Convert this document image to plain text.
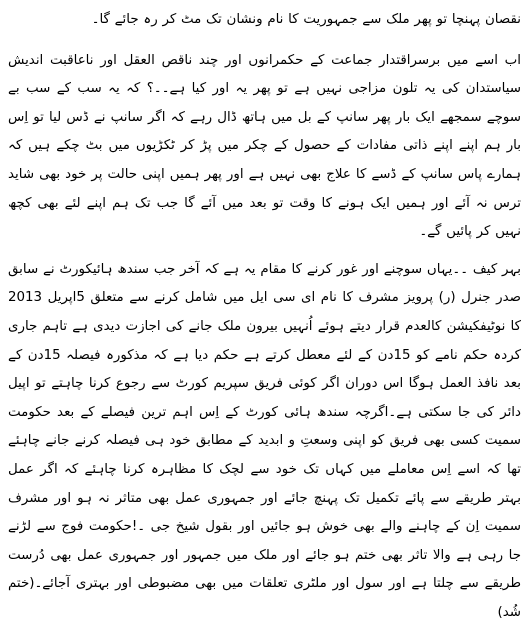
نقصان پہنچا تو پھر ملک سے جمہوریت کا نام ونشان تک مٹ کر رہ جائے گا۔

اب اسے میں برسراقتدار جماعت کے حکمرانوں اور چند ناقص العقل اور ناعاقبت اندیش سیاستدان کی یہ تلون مزاجی نہیں ہے تو پھر یہ اور کیا ہے۔۔؟ کہ یہ سب کے سب بے سوچے سمجھے ایک بار پھر سانپ کے بل میں ہاتھ ڈال رہے کہ اگر سانپ نے ڈس لیا تو اِس بار ہم اپنے اپنے ذاتی مفادات کے حصول کے چکر میں پڑ کر ٹکڑیوں میں بٹ چکے ہیں کہ ہمارے پاس سانپ کے ڈسے کا علاج بھی نہیں ہے اور پھر ہمیں اپنی حالت پر خود بھی شاید ترس نہ آئے اور ہمیں ایک ہونے کا وقت تو بعد میں آئے گا جب تک ہم اپنے لئے بھی کچھ نہیں کر پائیں گے۔

بہر کیف ۔۔یہاں سوچنے اور غور کرنے کا مقام یہ ہے کہ آخر جب سندھ ہائیکورٹ نے سابق صدر جنرل (ر) پرویز مشرف کا نام ای سی ایل میں شامل کرنے سے متعلق 5اپریل 2013 کا نوٹیفکیشن کالعدم قرار دیتے ہوئے اُنہیں بیرون ملک جانے کی اجازت دیدی ہے تاہم جاری کردہ حکم نامے کو 15دن کے لئے معطل کرتے ہے حکم دیا ہے کہ مذکورہ فیصلہ 15دن کے بعد نافذ العمل ہوگا اس دوران اگر کوئی فریق سپریم کورٹ سے رجوع کرنا چاہتے تو اپیل دائر کی جا سکتی ہے۔اگرچہ سندھ ہائی کورٹ کے اِس اہم ترین فیصلے کے بعد حکومت سمیت کسی بھی فریق کو اپنی وسعتِ و ابدید کے مطابق خود ہی فیصلہ کرنے جانے چاہئے تھا کہ اسے اِس معاملے میں کہاں تک خود سے لچک کا مظاہرہ کرنا چاہئے کہ اگر عمل بہتر طریقے سے پائے تکمیل تک پہنچ جائے اور جمہوری عمل بھی متاثر نہ ہو اور مشرف سمیت اِن کے چاہنے والے بھی خوش ہو جائیں اور بقول شیخ جی ۔!حکومت فوج سے لڑنے جا رہی ہے والا تاثر بھی ختم ہو جائے اور ملک میں جمہور اور جمہوری عمل بھی دُرست طریقے سے چلتا ہے اور سول اور ملٹری تعلقات میں بھی مضبوطی اور بہتری آجائے۔(ختم شُد)
